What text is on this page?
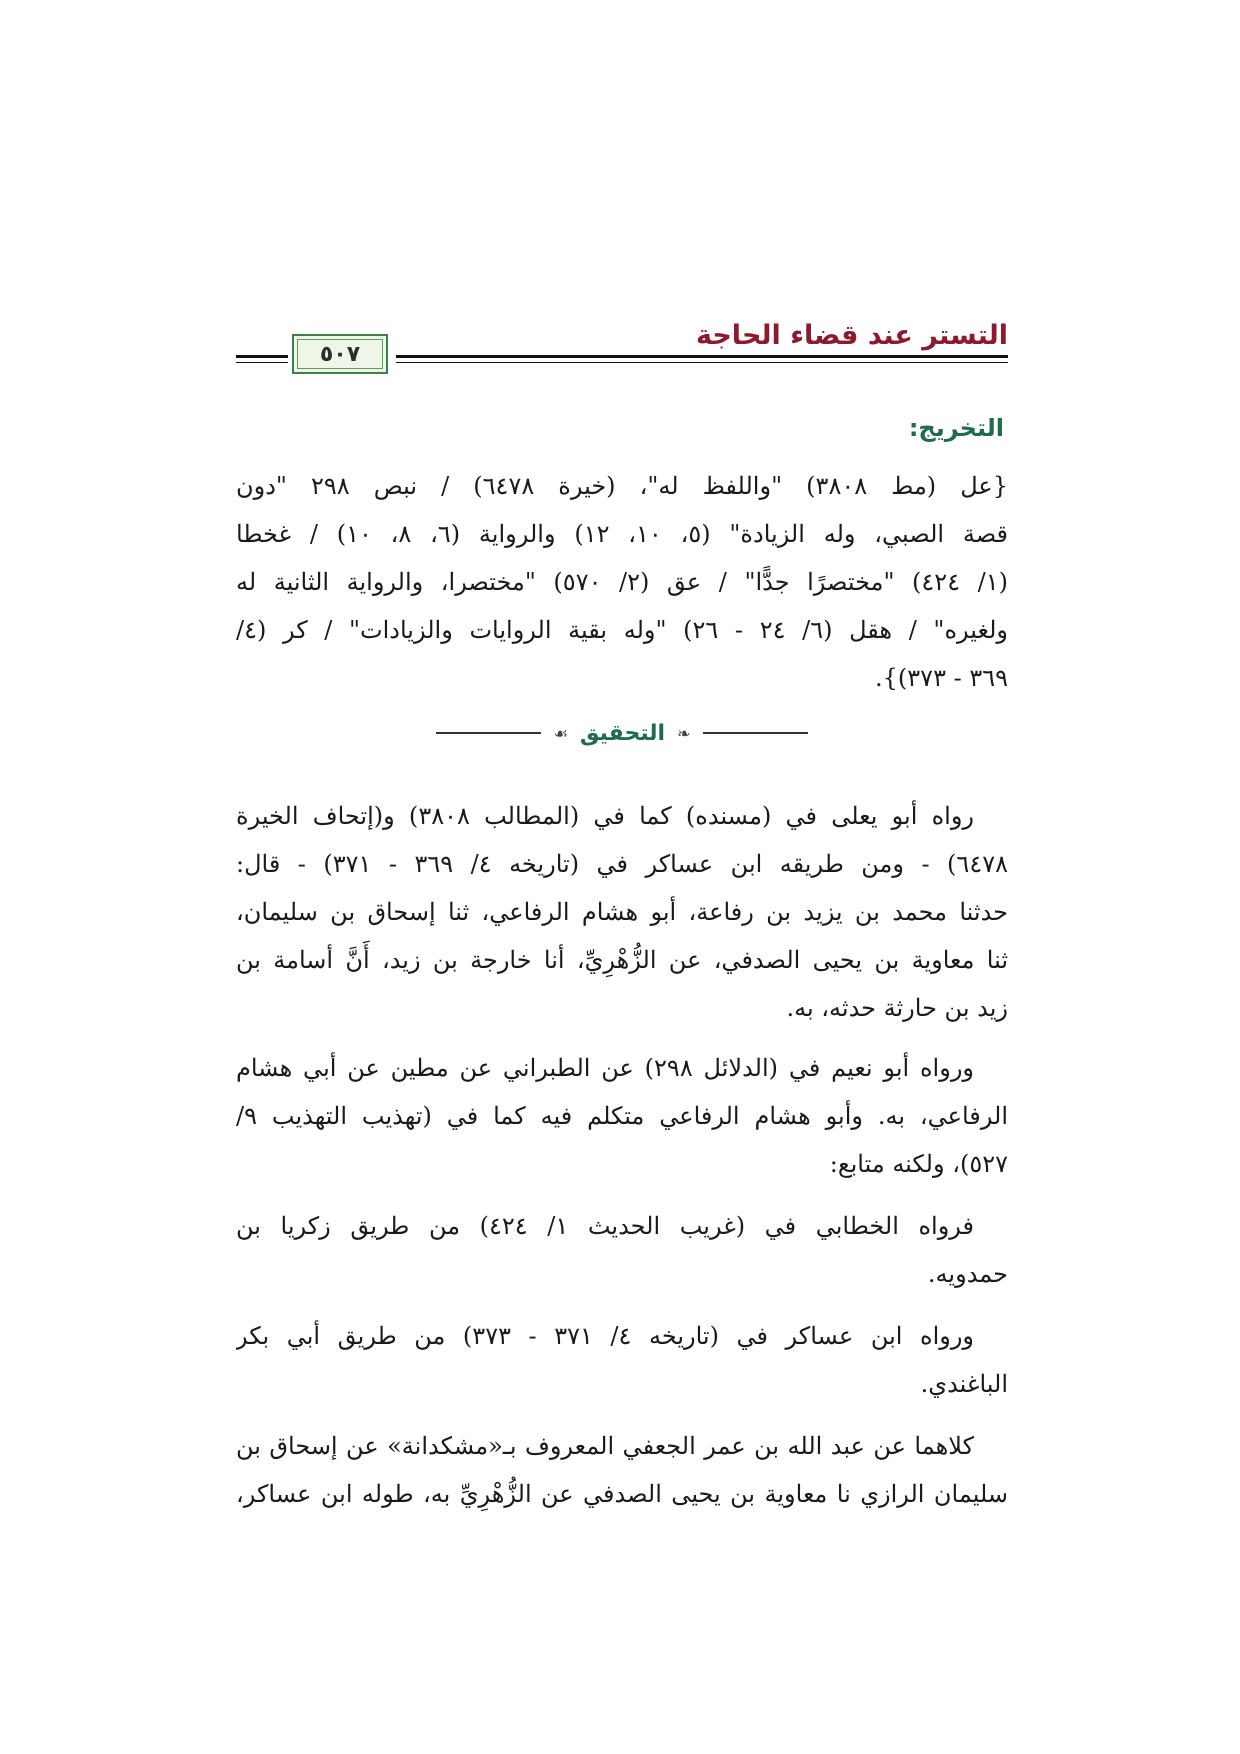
التستر عند قضاء الحاجة
٥٠٧
التخريج:
{عل (مط ٣٨٠٨) "واللفظ له"، (خيرة ٦٤٧٨) / نبص ٢٩٨ "دون
قصة الصبي، وله الزيادة" (٥، ١٠، ١٢) والرواية (٦، ٨، ١٠) / غخطا
(١/ ٤٢٤) "مختصرًا جدًّا" / عق (٢/ ٥٧٠) "مختصرا، والرواية الثانية له
ولغيره" / هقل (٦/ ٢٤ - ٢٦) "وله بقية الروايات والزيادات" / كر (٤/
٣٦٩ - ٣٧٣)}.
❧
التحقيق
☙
رواه أبو يعلى في (مسنده) كما في (المطالب ٣٨٠٨) و(إتحاف الخيرة
٦٤٧٨) - ومن طريقه ابن عساكر في (تاريخه ٤/ ٣٦٩ - ٣٧١) - قال:
حدثنا محمد بن يزيد بن رفاعة، أبو هشام الرفاعي، ثنا إسحاق بن سليمان،
ثنا معاوية بن يحيى الصدفي، عن الزُّهْرِيِّ، أنا خارجة بن زيد، أَنَّ أسامة بن
زيد بن حارثة حدثه، به.
ورواه أبو نعيم في (الدلائل ٢٩٨) عن الطبراني عن مطين عن أبي هشام
الرفاعي، به. وأبو هشام الرفاعي متكلم فيه كما في (تهذيب التهذيب ٩/
٥٢٧)، ولكنه متابع:
فرواه الخطابي في (غريب الحديث ١/ ٤٢٤) من طريق زكريا بن
حمدويه.
ورواه ابن عساكر في (تاريخه ٤/ ٣٧١ - ٣٧٣) من طريق أبي بكر
الباغندي.
كلاهما عن عبد الله بن عمر الجعفي المعروف بـ«مشكدانة» عن إسحاق بن
سليمان الرازي نا معاوية بن يحيى الصدفي عن الزُّهْرِيِّ به، طوله ابن عساكر،
